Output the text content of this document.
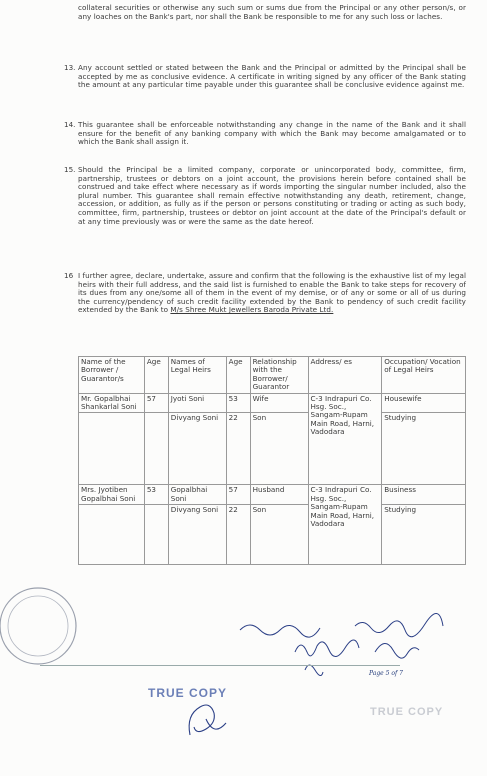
collateral securities or otherwise any such sum or sums due from the Principal or any other person/s, or any loaches on the Bank's part, nor shall the Bank be responsible to me for any such loss or laches.
13. Any account settled or stated between the Bank and the Principal or admitted by the Principal shall be accepted by me as conclusive evidence. A certificate in writing signed by any officer of the Bank stating the amount at any particular time payable under this guarantee shall be conclusive evidence against me.
14. This guarantee shall be enforceable notwithstanding any change in the name of the Bank and it shall ensure for the benefit of any banking company with which the Bank may become amalgamated or to which the Bank shall assign it.
15. Should the Principal be a limited company, corporate or unincorporated body, committee, firm, partnership, trustees or debtors on a joint account, the provisions herein before contained shall be construed and take effect where necessary as if words importing the singular number included, also the plural number. This guarantee shall remain effective notwithstanding any death, retirement, change, accession, or addition, as fully as if the person or persons constituting or trading or acting as such body, committee, firm, partnership, trustees or debtor on joint account at the date of the Principal's default or at any time previously was or were the same as the date hereof.
16 I further agree, declare, undertake, assure and confirm that the following is the exhaustive list of my legal heirs with their full address, and the said list is furnished to enable the Bank to take steps for recovery of its dues from any one/some all of them in the event of my demise, or of any or some or all of us during the currency/pendency of such credit facility extended by the Bank to pendency of such credit facility extended by the Bank to M/s Shree Mukt Jewellers Baroda Private Ltd.
Name of the Borrower / Guarantor/s	Age	Names of Legal Heirs	Age	Relationship with the Borrower/ Guarantor	Address/ es	Occupation/ Vocation of Legal Heirs
Mr. Gopalbhai Shankarlal Soni	57	Jyoti Soni	53	Wife	C-3 Indrapuri Co. Hsg. Soc., Sangam-Rupam Main Road, Harni, Vadodara	Housewife
		Divyang Soni	22	Son		Studying
Mrs. Jyotiben Gopalbhai Soni	53	Gopalbhai Soni	57	Husband	C-3 Indrapuri Co. Hsg. Soc., Sangam-Rupam Main Road, Harni, Vadodara	Business
		Divyang Soni	22	Son		Studying
Page 5 of 7
TRUE COPY
TRUE COPY
